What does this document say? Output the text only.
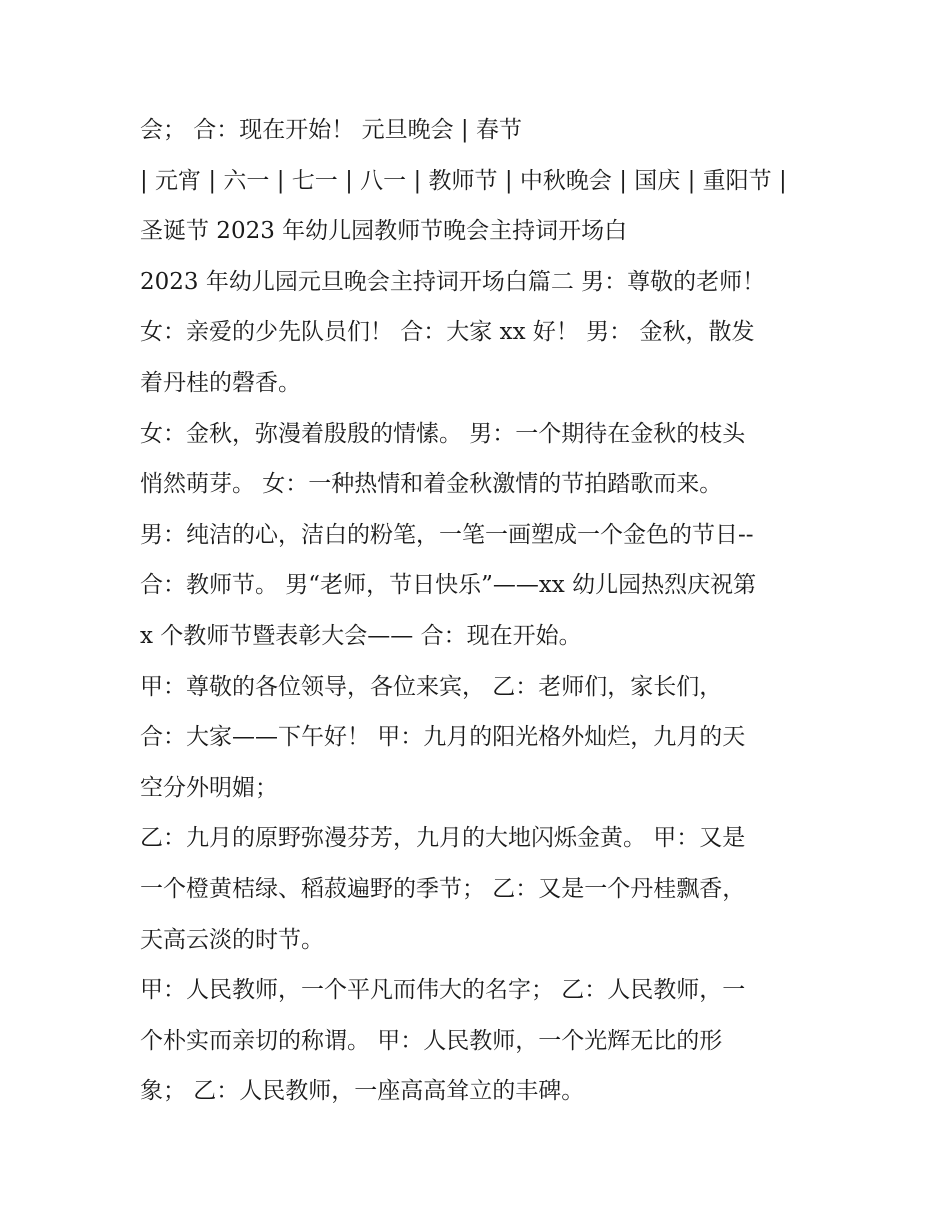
会； 合：现在开始！ 元旦晚会 | 春节
| 元宵 | 六一 | 七一 | 八一 | 教师节 | 中秋晚会 | 国庆 | 重阳节 |
圣诞节 2023 年幼儿园教师节晚会主持词开场白
2023 年幼儿园元旦晚会主持词开场白篇二 男：尊敬的老师！
女：亲爱的少先队员们！ 合：大家 xx 好！ 男： 金秋，散发
着丹桂的磬香。
女：金秋，弥漫着殷殷的情愫。 男：一个期待在金秋的枝头
悄然萌芽。 女：一种热情和着金秋激情的节拍踏歌而来。
男：纯洁的心，洁白的粉笔，一笔一画塑成一个金色的节日--
合：教师节。 男“老师，节日快乐”——xx 幼儿园热烈庆祝第
x 个教师节暨表彰大会—— 合：现在开始。
甲：尊敬的各位领导，各位来宾， 乙：老师们，家长们，
合：大家——下午好！ 甲：九月的阳光格外灿烂，九月的天
空分外明媚；
乙：九月的原野弥漫芬芳，九月的大地闪烁金黄。 甲：又是
一个橙黄桔绿、稻菽遍野的季节； 乙：又是一个丹桂飘香，
天高云淡的时节。
甲：人民教师，一个平凡而伟大的名字； 乙：人民教师，一
个朴实而亲切的称谓。 甲：人民教师，一个光辉无比的形
象； 乙：人民教师，一座高高耸立的丰碑。
